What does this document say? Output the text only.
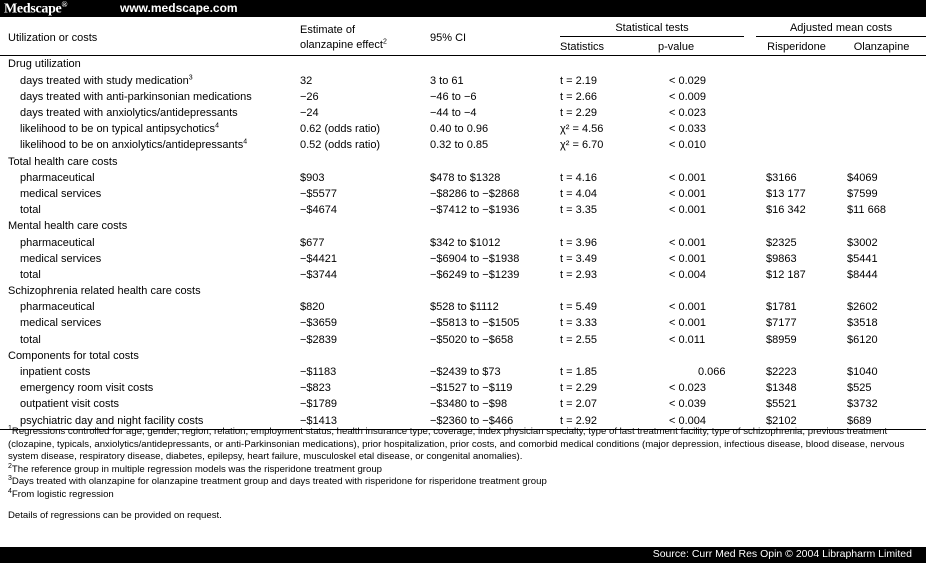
Medscape®	www.medscape.com
Utilization or costs	Estimate of
olanzapine effect$^2$	95% CI	Statistical tests			Adjusted mean costs	
			Statistics	p-value		Risperidone	Olanzapine
Drug utilization							
days treated with study medication$^3$	32	3 to 61	t = 2.19	< 0.029			
days treated with anti-parkinsonian medications	−26	−46 to −6	t = 2.66	< 0.009			
days treated with anxiolytics/antidepressants	−24	−44 to −4	t = 2.29	< 0.023			
likelihood to be on typical antipsychotics$^4$	0.62 (odds ratio)	0.40 to 0.96	χ² = 4.56	< 0.033			
likelihood to be on anxiolytics/antidepressants$^4$	0.52 (odds ratio)	0.32 to 0.85	χ² = 6.70	< 0.010			
Total health care costs							
pharmaceutical	$903	$478 to $1328	t = 4.16	< 0.001		$3166	$4069
medical services	−$5577	−$8286 to −$2868	t = 4.04	< 0.001		$13 177	$7599
total	−$4674	−$7412 to −$1936	t = 3.35	< 0.001		$16 342	$11 668
Mental health care costs							
pharmaceutical	$677	$342 to $1012	t = 3.96	< 0.001		$2325	$3002
medical services	−$4421	−$6904 to −$1938	t = 3.49	< 0.001		$9863	$5441
total	−$3744	−$6249 to −$1239	t = 2.93	< 0.004		$12 187	$8444
Schizophrenia related health care costs							
pharmaceutical	$820	$528 to $1112	t = 5.49	< 0.001		$1781	$2602
medical services	−$3659	−$5813 to −$1505	t = 3.33	< 0.001		$7177	$3518
total	−$2839	−$5020 to −$658	t = 2.55	< 0.011		$8959	$6120
Components for total costs							
inpatient costs	−$1183	−$2439 to $73	t = 1.85	0.066		$2223	$1040
emergency room visit costs	−$823	−$1527 to −$119	t = 2.29	< 0.023		$1348	$525
outpatient visit costs	−$1789	−$3480 to −$98	t = 2.07	< 0.039		$5521	$3732
psychiatric day and night facility costs	−$1413	−$2360 to −$466	t = 2.92	< 0.004		$2102	$689

$^1$Regressions controlled for age, gender, region, relation, employment status, health insurance type, coverage, index physician specialty, type of last treatment facility, type of schizophrenia, previous treatment (clozapine, typicals, anxiolytics/antidepressants, or anti-Parkinsonian medications), prior hospitalization, prior costs, and comorbid medical conditions (major depression, infectious disease, blood disease, nervous system disease, respiratory disease, diabetes, epilepsy, heart failure, musculoskel etal disease, or congenital anomalies).

$^2$The reference group in multiple regression models was the risperidone treatment group

$^3$Days treated with olanzapine for olanzapine treatment group and days treated with risperidone for risperidone treatment group

$^4$From logistic regression

Details of regressions can be provided on request.

Source: Curr Med Res Opin © 2004 Librapharm Limited
